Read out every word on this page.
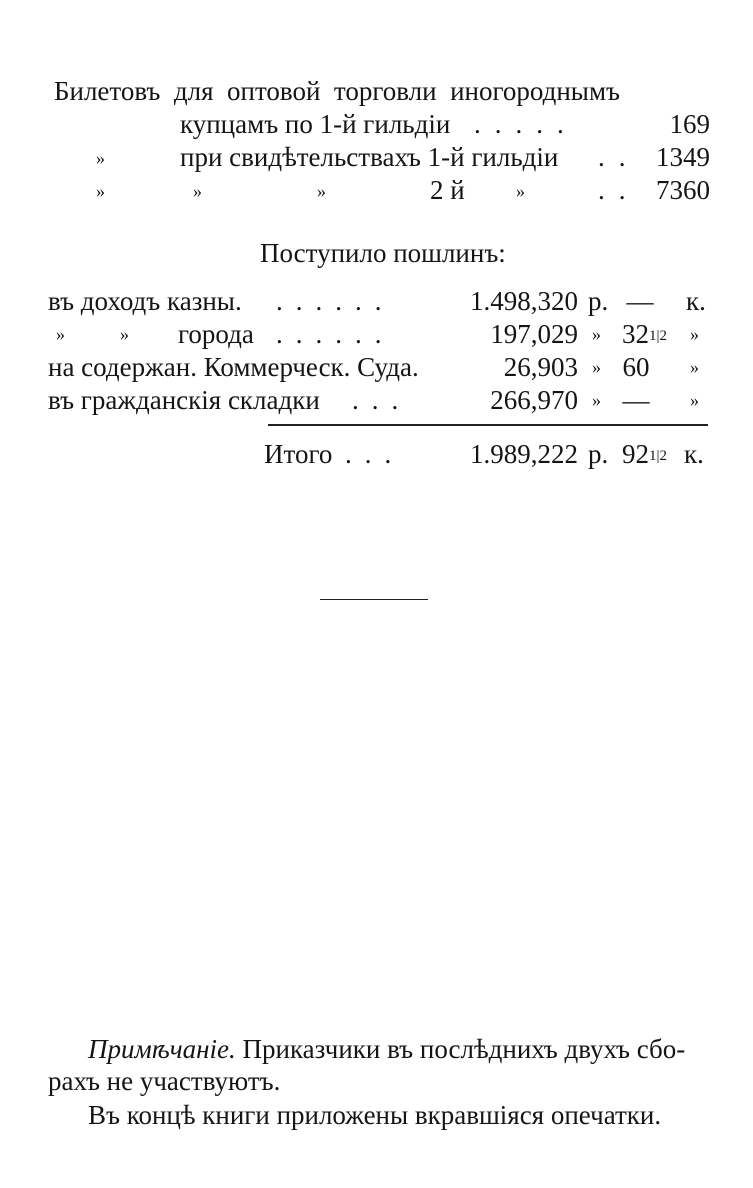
Билетовъ  для  оптовой  торговли  иногороднымъ
купцамъ по 1-й гильдiи .....	169
»	при свидѣтельствахъ 1-й гильдiи .. 1349
»	»	»	2 й	»	.. 7360
Поступило пошлинъ:
въ доходъ казны. ......	1.498,320 р. — к.
»	» города ......	197,029 » 321|2 »
на содержан. Коммерческ. Суда.	26,903 » 60	»
въ гражданскiя складки ...	266,970 » —	»
Итого ...	1.989,222 р. 921|2 к.
Примѣчанiе. Приказчики въ послѣднихъ двухъ сбо-
рахъ не участвуютъ.
Въ концѣ книги приложены вкравшiяся опечатки.
